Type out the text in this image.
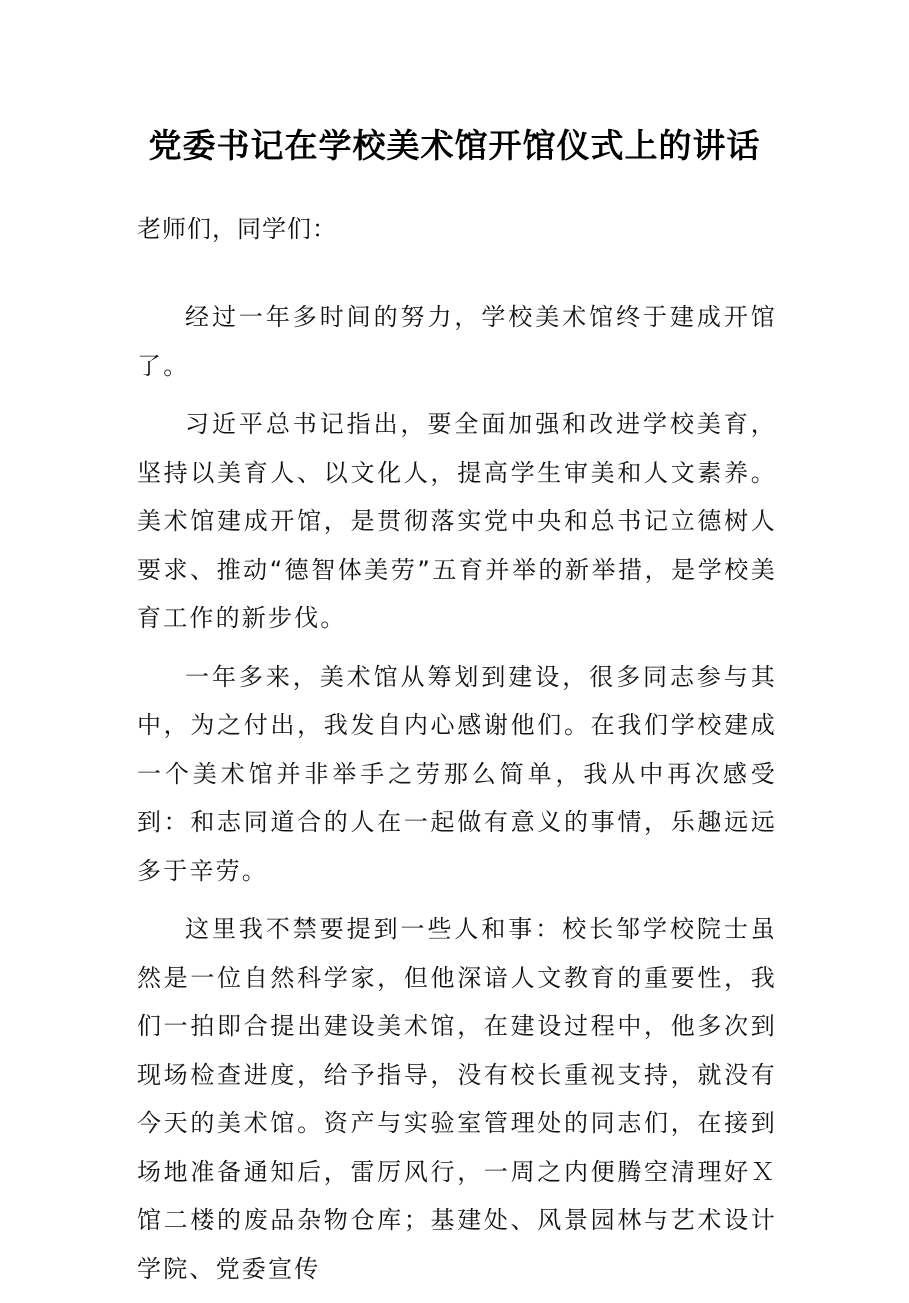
党委书记在学校美术馆开馆仪式上的讲话
老师们，同学们：

经过一年多时间的努力，学校美术馆终于建成开馆了。

习近平总书记指出，要全面加强和改进学校美育，坚持以美育人、以文化人，提高学生审美和人文素养。美术馆建成开馆，是贯彻落实党中央和总书记立德树人要求、推动“德智体美劳”五育并举的新举措，是学校美育工作的新步伐。

一年多来，美术馆从筹划到建设，很多同志参与其中，为之付出，我发自内心感谢他们。在我们学校建成一个美术馆并非举手之劳那么简单，我从中再次感受到：和志同道合的人在一起做有意义的事情，乐趣远远多于辛劳。

这里我不禁要提到一些人和事：校长邹学校院士虽然是一位自然科学家，但他深谙人文教育的重要性，我们一拍即合提出建设美术馆，在建设过程中，他多次到现场检查进度，给予指导，没有校长重视支持，就没有今天的美术馆。资产与实验室管理处的同志们，在接到场地准备通知后，雷厉风行，一周之内便腾空清理好Ｘ馆二楼的废品杂物仓库；基建处、风景园林与艺术设计学院、党委宣传
